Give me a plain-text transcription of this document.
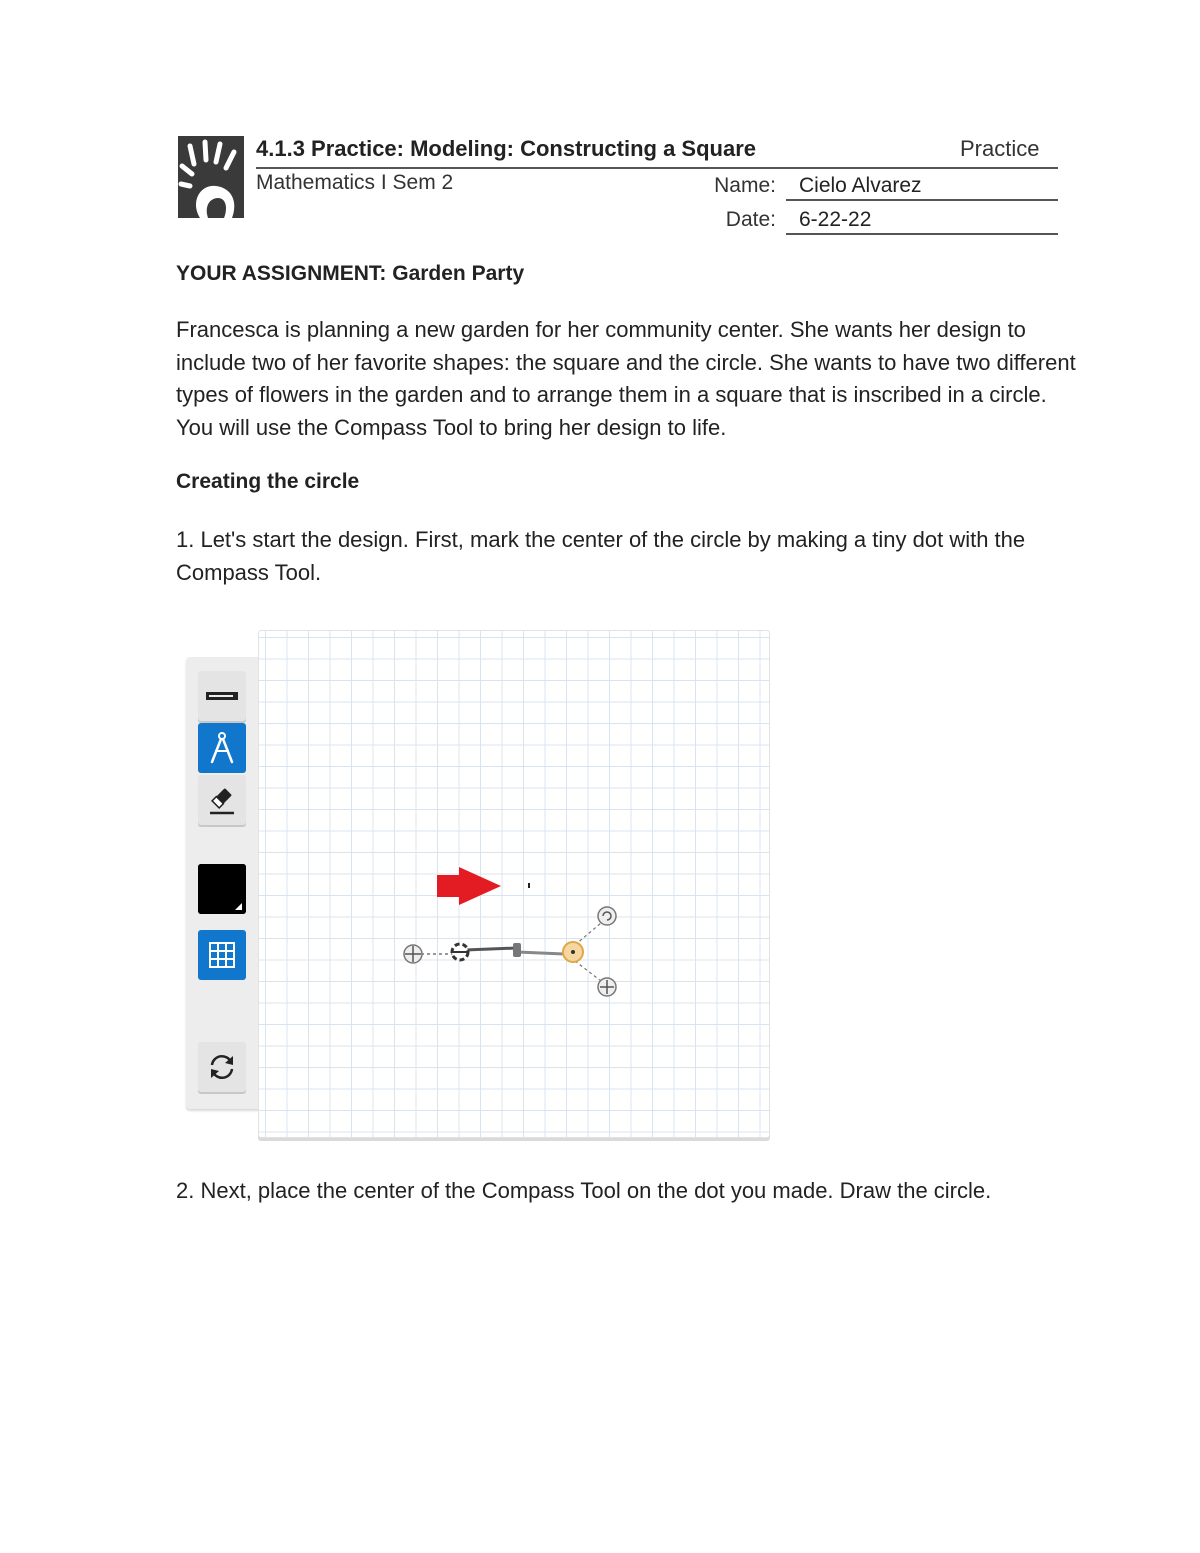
4.1.3 Practice: Modeling: Constructing a Square	Practice
Mathematics I Sem 2	Name: Cielo Alvarez
Date: 6-22-22
YOUR ASSIGNMENT: Garden Party
Francesca is planning a new garden for her community center. She wants her design to include two of her favorite shapes: the square and the circle. She wants to have two different types of flowers in the garden and to arrange them in a square that is inscribed in a circle. You will use the Compass Tool to bring her design to life.
Creating the circle
1. Let's start the design. First, mark the center of the circle by making a tiny dot with the Compass Tool.
2. Next, place the center of the Compass Tool on the dot you made. Draw the circle.
